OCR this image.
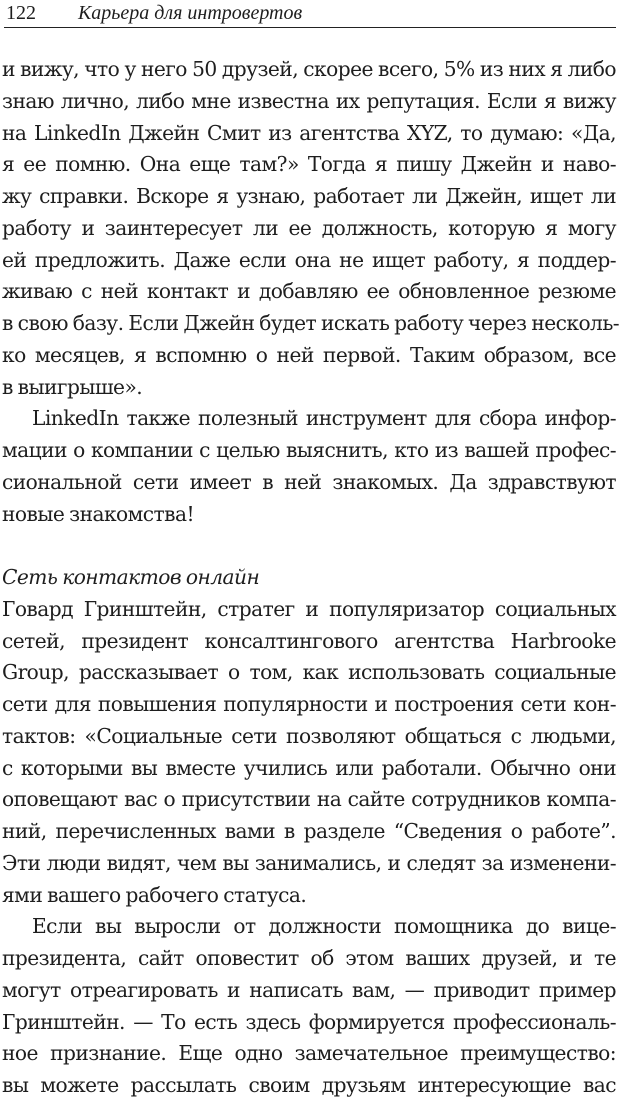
122 Карьера для интровертов
и вижу, что у него 50 друзей, скорее всего, 5% из них я либо
знаю лично, либо мне известна их репутация. Если я вижу
на LinkedIn Джейн Смит из агентства XYZ, то думаю: «Да,
я ее помню. Она еще там?» Тогда я пишу Джейн и наво-
жу справки. Вскоре я узнаю, работает ли Джейн, ищет ли
работу и заинтересует ли ее должность, которую я могу
ей предложить. Даже если она не ищет работу, я поддер-
живаю с ней контакт и добавляю ее обновленное резюме
в свою базу. Если Джейн будет искать работу через несколь-
ко месяцев, я вспомню о ней первой. Таким образом, все
в выигрыше».
LinkedIn также полезный инструмент для сбора инфор-
мации о компании с целью выяснить, кто из вашей профес-
сиональной сети имеет в ней знакомых. Да здравствуют
новые знакомства!
Сеть контактов онлайн
Говард Гринштейн, стратег и популяризатор социальных
сетей, президент консалтингового агентства Harbrooke
Group, рассказывает о том, как использовать социальные
сети для повышения популярности и построения сети кон-
тактов: «Социальные сети позволяют общаться с людьми,
с которыми вы вместе учились или работали. Обычно они
оповещают вас о присутствии на сайте сотрудников компа-
ний, перечисленных вами в разделе “Сведения о работе”.
Эти люди видят, чем вы занимались, и следят за изменени-
ями вашего рабочего статуса.
Если вы выросли от должности помощника до вице-
президента, сайт оповестит об этом ваших друзей, и те
могут отреагировать и написать вам, — приводит пример
Гринштейн. — То есть здесь формируется профессиональ-
ное признание. Еще одно замечательное преимущество:
вы можете рассылать своим друзьям интересующие вас
